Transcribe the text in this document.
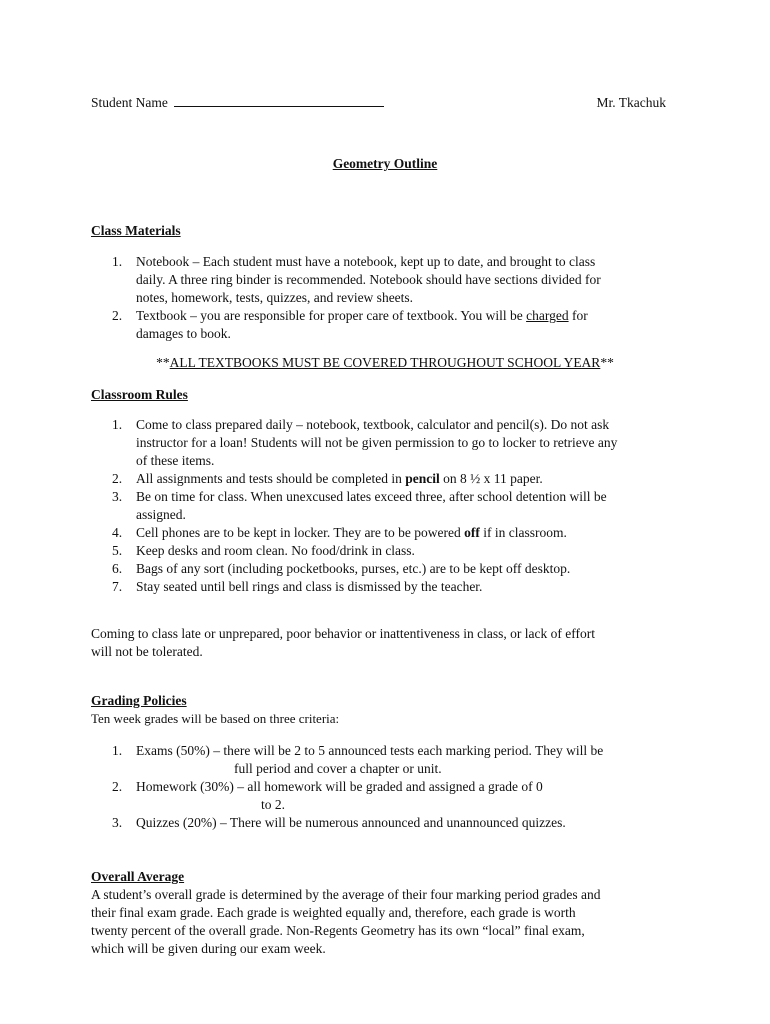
Student Name	Mr. Tkachuk
Geometry Outline
Class Materials
1. Notebook – Each student must have a notebook, kept up to date, and brought to class
daily. A three ring binder is recommended. Notebook should have sections divided for
notes, homework, tests, quizzes, and review sheets.
2. Textbook – you are responsible for proper care of textbook. You will be charged for
damages to book.
**ALL TEXTBOOKS MUST BE COVERED THROUGHOUT SCHOOL YEAR**
Classroom Rules
1. Come to class prepared daily – notebook, textbook, calculator and pencil(s). Do not ask
instructor for a loan! Students will not be given permission to go to locker to retrieve any
of these items.
2. All assignments and tests should be completed in pencil on 8 ½ x 11 paper.
3. Be on time for class. When unexcused lates exceed three, after school detention will be
assigned.
4. Cell phones are to be kept in locker. They are to be powered off if in classroom.
5. Keep desks and room clean. No food/drink in class.
6. Bags of any sort (including pocketbooks, purses, etc.) are to be kept off desktop.
7. Stay seated until bell rings and class is dismissed by the teacher.
Coming to class late or unprepared, poor behavior or inattentiveness in class, or lack of effort
will not be tolerated.
Grading Policies
Ten week grades will be based on three criteria:
1. Exams (50%) – there will be 2 to 5 announced tests each marking period. They will be
full period and cover a chapter or unit.
2. Homework (30%) – all homework will be graded and assigned a grade of 0
to 2.
3. Quizzes (20%) – There will be numerous announced and unannounced quizzes.
Overall Average
A student’s overall grade is determined by the average of their four marking period grades and
their final exam grade. Each grade is weighted equally and, therefore, each grade is worth
twenty percent of the overall grade. Non-Regents Geometry has its own “local” final exam,
which will be given during our exam week.
